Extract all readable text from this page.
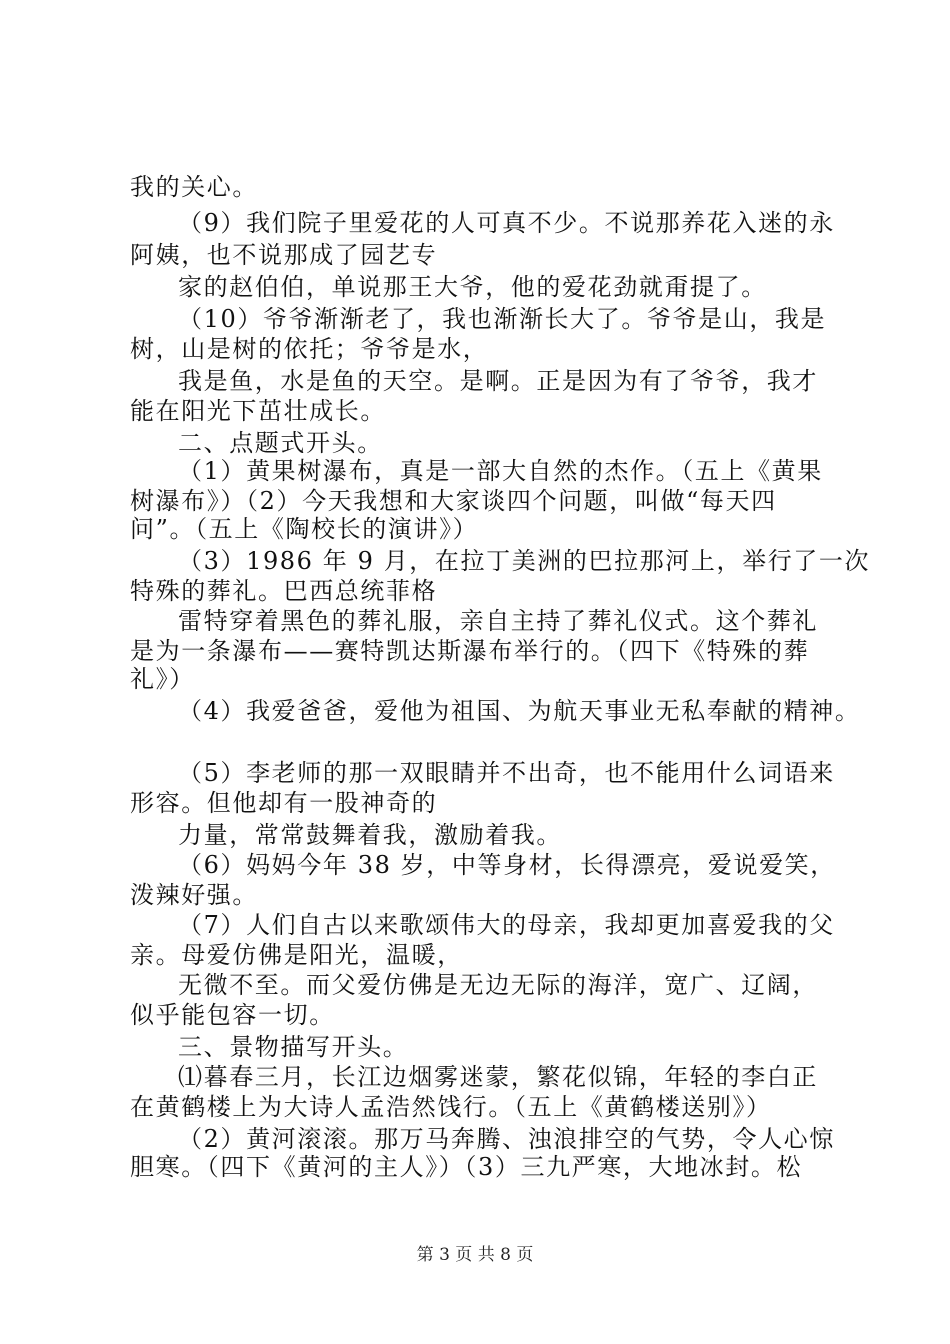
我的关心。

（9）我们院子里爱花的人可真不少。不说那养花入迷的永

阿姨，也不说那成了园艺专

家的赵伯伯，单说那王大爷，他的爱花劲就甭提了。

（10）爷爷渐渐老了，我也渐渐长大了。爷爷是山，我是

树，山是树的依托；爷爷是水，

我是鱼，水是鱼的天空。是啊。正是因为有了爷爷，我才

能在阳光下茁壮成长。

二、点题式开头。

（1）黄果树瀑布，真是一部大自然的杰作。（五上《黄果

树瀑布》）（2）今天我想和大家谈四个问题，叫做“每天四

问”。（五上《陶校长的演讲》）

（3）1986 年 9 月，在拉丁美洲的巴拉那河上，举行了一次

特殊的葬礼。巴西总统菲格

雷特穿着黑色的葬礼服，亲自主持了葬礼仪式。这个葬礼

是为一条瀑布——赛特凯达斯瀑布举行的。（四下《特殊的葬

礼》）

（4）我爱爸爸，爱他为祖国、为航天事业无私奉献的精神。

（5）李老师的那一双眼睛并不出奇，也不能用什么词语来

形容。但他却有一股神奇的

力量，常常鼓舞着我，激励着我。

（6）妈妈今年 38 岁，中等身材，长得漂亮，爱说爱笑，

泼辣好强。

（7）人们自古以来歌颂伟大的母亲，我却更加喜爱我的父

亲。母爱仿佛是阳光，温暖，

无微不至。而父爱仿佛是无边无际的海洋，宽广、辽阔，

似乎能包容一切。

三、景物描写开头。

⑴暮春三月，长江边烟雾迷蒙，繁花似锦，年轻的李白正

在黄鹤楼上为大诗人孟浩然饯行。（五上《黄鹤楼送别》）

（2）黄河滚滚。那万马奔腾、浊浪排空的气势，令人心惊

胆寒。（四下《黄河的主人》）（3）三九严寒，大地冰封。松

第 3 页 共 8 页
